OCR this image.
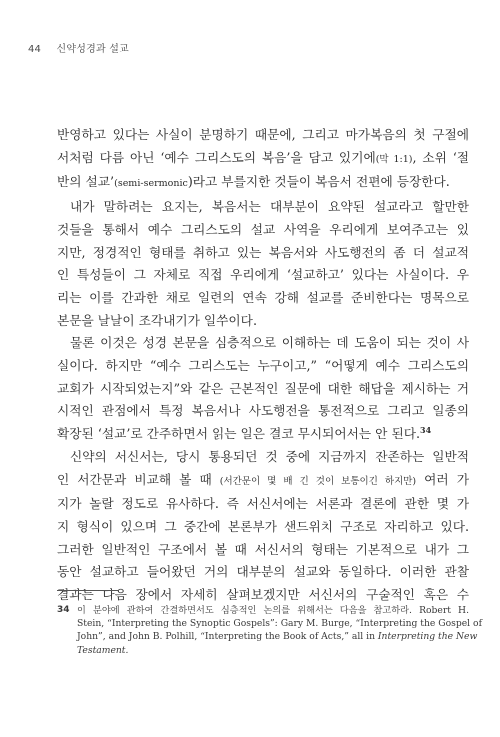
44 신약성경과 설교

반영하고 있다는 사실이 분명하기 때문에, 그리고 마가복음의 첫 구절에
서처럼 다름 아닌 ‘예수 그리스도의 복음’을 담고 있기에(막 1:1), 소위 ‘절
반의 설교’(semi-sermonic)라고 부를지한 것들이 복음서 전편에 등장한다.

내가 말하려는 요지는, 복음서는 대부분이 요약된 설교라고 할만한
것들을 통해서 예수 그리스도의 설교 사역을 우리에게 보여주고는 있
지만, 정경적인 형태를 취하고 있는 복음서와 사도행전의 좀 더 설교적
인 특성들이 그 자체로 직접 우리에게 ‘설교하고’ 있다는 사실이다. 우
리는 이를 간과한 채로 일련의 연속 강해 설교를 준비한다는 명목으로
본문을 날날이 조각내기가 일쑤이다.

물론 이것은 성경 본문을 심층적으로 이해하는 데 도움이 되는 것이 사
실이다. 하지만 “예수 그리스도는 누구이고,” “어떻게 예수 그리스도의
교회가 시작되었는지”와 같은 근본적인 질문에 대한 해답을 제시하는 거
시적인 관점에서 특정 복음서나 사도행전을 통전적으로 그리고 일종의
확장된 ‘설교’로 간주하면서 읽는 일은 결코 무시되어서는 안 된다.$^{34}$

신약의 서신서는, 당시 통용되던 것 중에 지금까지 잔존하는 일반적
인 서간문과 비교해 볼 때 (서간문이 몇 배 긴 것이 보통이긴 하지만) 여러 가
지가 놀랄 정도로 유사하다. 즉 서신서에는 서론과 결론에 관한 몇 가
지 형식이 있으며 그 중간에 본론부가 샌드위치 구조로 자리하고 있다.
그러한 일반적인 구조에서 볼 때 서신서의 형태는 기본적으로 내가 그
동안 설교하고 들어왔던 거의 대부분의 설교와 동일하다. 이러한 관찰
결과는 다음 장에서 자세히 살펴보겠지만 서신서의 구술적인 혹은 수

34 이 분야에 관하여 간결하면서도 심층적인 논의를 위해서는 다음을 참고하라. Robert H.
Stein, “Interpreting the Synoptic Gospels”: Gary M. Burge, “Interpreting the Gospel of
John”, and John B. Polhill, “Interpreting the Book of Acts,” all in Interpreting the New
Testament.
